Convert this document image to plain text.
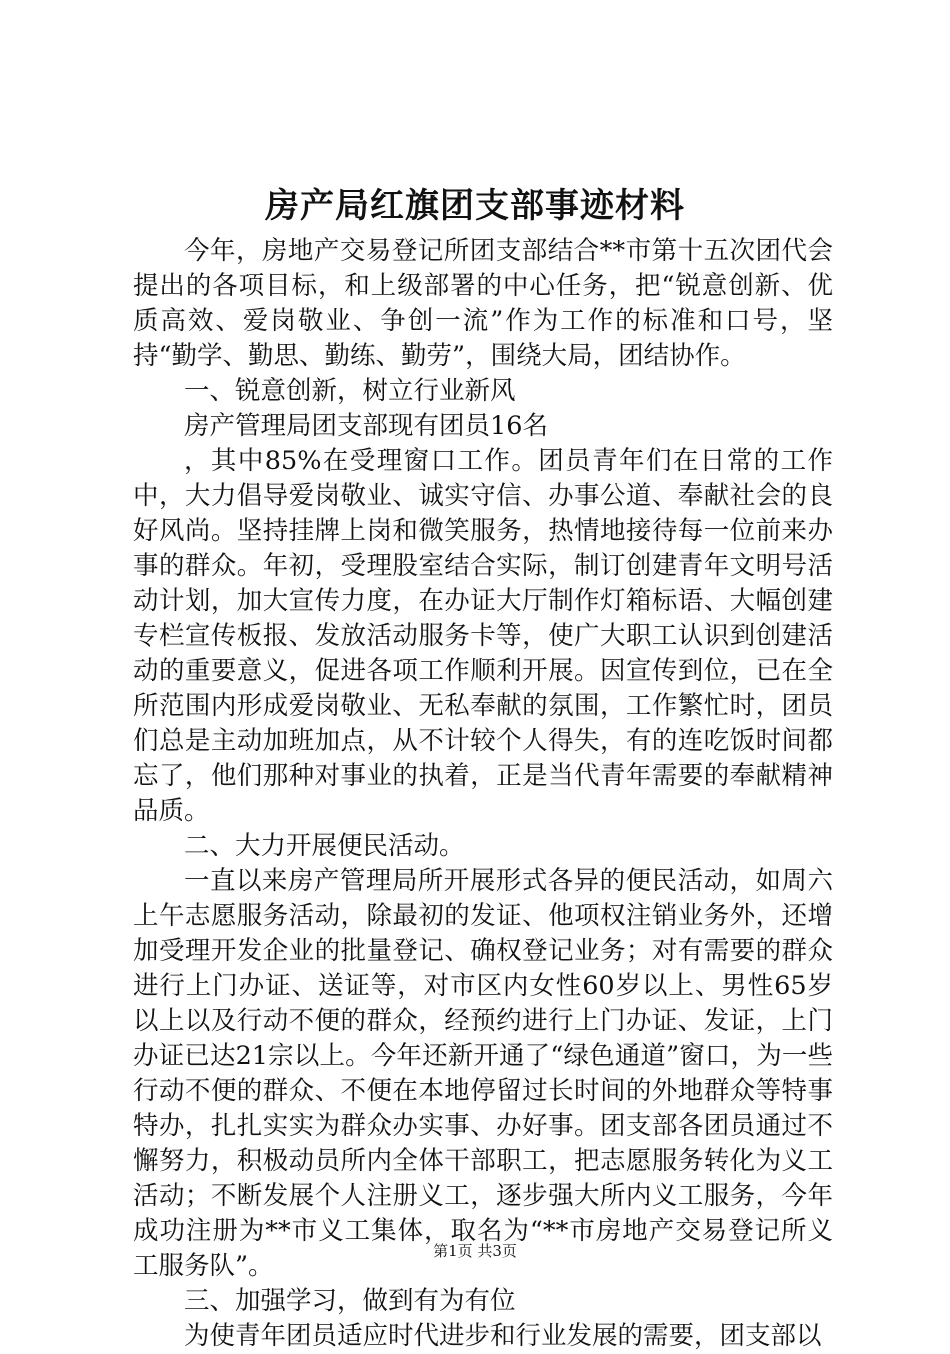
房产局红旗团支部事迹材料

今年，房地产交易登记所团支部结合**市第十五次团代会提出的各项目标，和上级部署的中心任务，把“锐意创新、优质高效、爱岗敬业、争创一流”作为工作的标准和口号，坚持“勤学、勤思、勤练、勤劳”，围绕大局，团结协作。

一、锐意创新，树立行业新风

房产管理局团支部现有团员16名

，其中85%在受理窗口工作。团员青年们在日常的工作中，大力倡导爱岗敬业、诚实守信、办事公道、奉献社会的良好风尚。坚持挂牌上岗和微笑服务，热情地接待每一位前来办事的群众。年初，受理股室结合实际，制订创建青年文明号活动计划，加大宣传力度，在办证大厅制作灯箱标语、大幅创建专栏宣传板报、发放活动服务卡等，使广大职工认识到创建活动的重要意义，促进各项工作顺利开展。因宣传到位，已在全所范围内形成爱岗敬业、无私奉献的氛围，工作繁忙时，团员们总是主动加班加点，从不计较个人得失，有的连吃饭时间都忘了，他们那种对事业的执着，正是当代青年需要的奉献精神品质。

二、大力开展便民活动。

一直以来房产管理局所开展形式各异的便民活动，如周六上午志愿服务活动，除最初的发证、他项权注销业务外，还增加受理开发企业的批量登记、确权登记业务；对有需要的群众进行上门办证、送证等，对市区内女性60岁以上、男性65岁以上以及行动不便的群众，经预约进行上门办证、发证，上门办证已达21宗以上。今年还新开通了“绿色通道”窗口，为一些行动不便的群众、不便在本地停留过长时间的外地群众等特事特办，扎扎实实为群众办实事、办好事。团支部各团员通过不懈努力，积极动员所内全体干部职工，把志愿服务转化为义工活动；不断发展个人注册义工，逐步强大所内义工服务，今年成功注册为**市义工集体，取名为“**市房地产交易登记所义工服务队”。

三、加强学习，做到有为有位

为使青年团员适应时代进步和行业发展的需要，团支部以

第1页 共3页
